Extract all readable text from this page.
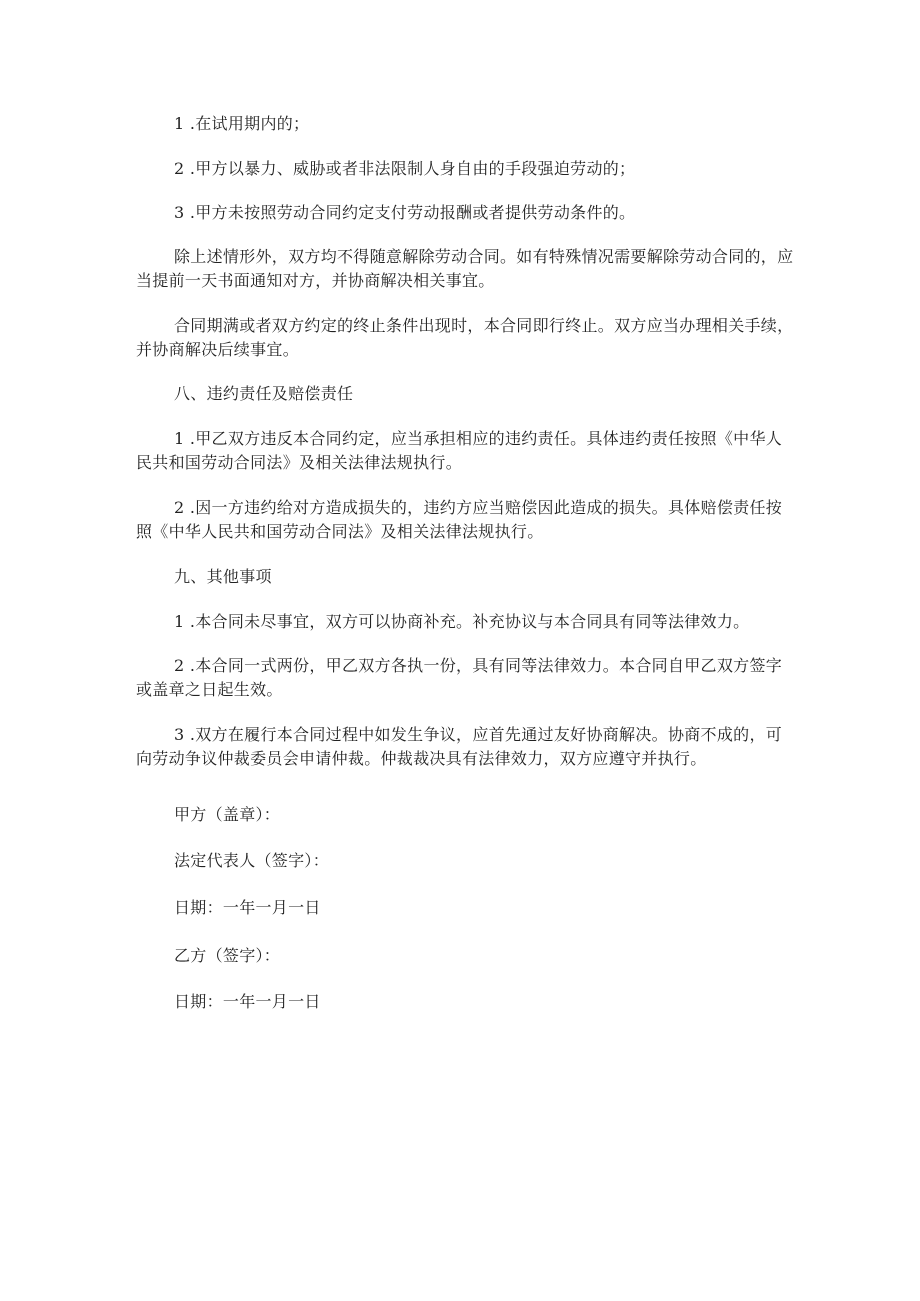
1 .在试用期内的；

2 .甲方以暴力、威胁或者非法限制人身自由的手段强迫劳动的；

3 .甲方未按照劳动合同约定支付劳动报酬或者提供劳动条件的。

除上述情形外，双方均不得随意解除劳动合同。如有特殊情况需要解除劳动合同的，应当提前一天书面通知对方，并协商解决相关事宜。

合同期满或者双方约定的终止条件出现时，本合同即行终止。双方应当办理相关手续，并协商解决后续事宜。

八、违约责任及赔偿责任

1 .甲乙双方违反本合同约定，应当承担相应的违约责任。具体违约责任按照《中华人民共和国劳动合同法》及相关法律法规执行。

2 .因一方违约给对方造成损失的，违约方应当赔偿因此造成的损失。具体赔偿责任按照《中华人民共和国劳动合同法》及相关法律法规执行。

九、其他事项

1 .本合同未尽事宜，双方可以协商补充。补充协议与本合同具有同等法律效力。

2 .本合同一式两份，甲乙双方各执一份，具有同等法律效力。本合同自甲乙双方签字或盖章之日起生效。

3 .双方在履行本合同过程中如发生争议，应首先通过友好协商解决。协商不成的，可向劳动争议仲裁委员会申请仲裁。仲裁裁决具有法律效力，双方应遵守并执行。

甲方（盖章）：

法定代表人（签字）：

日期：一年一月一日

乙方（签字）：

日期：一年一月一日
